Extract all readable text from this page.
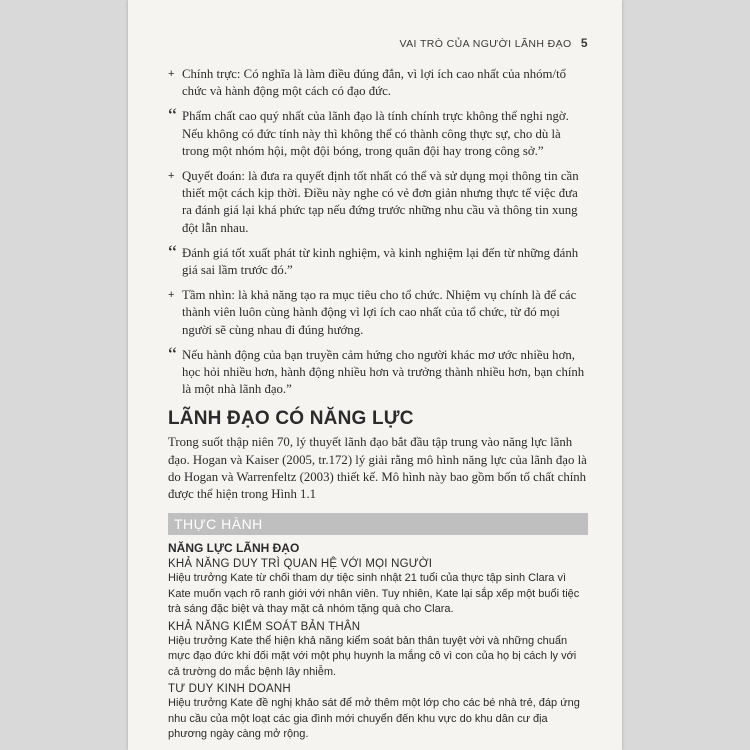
VAI TRÒ CỦA NGƯỜI LÃNH ĐẠO 5
+ Chính trực: Có nghĩa là làm điều đúng đắn, vì lợi ích cao nhất của nhóm/tổ chức và hành động một cách có đạo đức.
“ Phẩm chất cao quý nhất của lãnh đạo là tính chính trực không thể nghi ngờ. Nếu không có đức tính này thì không thể có thành công thực sự, cho dù là trong một nhóm hội, một đội bóng, trong quân đội hay trong công sở.”
+ Quyết đoán: là đưa ra quyết định tốt nhất có thể và sử dụng mọi thông tin cần thiết một cách kịp thời. Điều này nghe có vẻ đơn giản nhưng thực tế việc đưa ra đánh giá lại khá phức tạp nếu đứng trước những nhu cầu và thông tin xung đột lẫn nhau.
“ Đánh giá tốt xuất phát từ kinh nghiệm, và kinh nghiệm lại đến từ những đánh giá sai lầm trước đó.”
+ Tầm nhìn: là khả năng tạo ra mục tiêu cho tổ chức. Nhiệm vụ chính là để các thành viên luôn cùng hành động vì lợi ích cao nhất của tổ chức, từ đó mọi người sẽ cùng nhau đi đúng hướng.
“ Nếu hành động của bạn truyền cảm hứng cho người khác mơ ước nhiều hơn, học hỏi nhiều hơn, hành động nhiều hơn và trưởng thành nhiều hơn, bạn chính là một nhà lãnh đạo.”
LÃNH ĐẠO CÓ NĂNG LỰC

Trong suốt thập niên 70, lý thuyết lãnh đạo bắt đầu tập trung vào năng lực lãnh đạo. Hogan và Kaiser (2005, tr.172) lý giải rằng mô hình năng lực của lãnh đạo là do Hogan và Warrenfeltz (2003) thiết kế. Mô hình này bao gồm bốn tố chất chính được thể hiện trong Hình 1.1

THỰC HÀNH
NĂNG LỰC LÃNH ĐẠO
KHẢ NĂNG DUY TRÌ QUAN HỆ VỚI MỌI NGƯỜI

Hiệu trưởng Kate từ chối tham dự tiệc sinh nhật 21 tuổi của thực tập sinh Clara vì Kate muốn vạch rõ ranh giới với nhân viên. Tuy nhiên, Kate lại sắp xếp một buổi tiệc trà sáng đặc biệt và thay mặt cả nhóm tặng quà cho Clara.

KHẢ NĂNG KIỂM SOÁT BẢN THÂN

Hiệu trưởng Kate thể hiện khả năng kiểm soát bản thân tuyệt vời và những chuẩn mực đạo đức khi đối mặt với một phụ huynh la mắng cô vì con của họ bị cách ly với cả trường do mắc bệnh lây nhiễm.

TƯ DUY KINH DOANH

Hiệu trưởng Kate đề nghị khảo sát để mở thêm một lớp cho các bé nhà trẻ, đáp ứng nhu cầu của một loạt các gia đình mới chuyển đến khu vực do khu dân cư địa phương ngày càng mở rộng.
